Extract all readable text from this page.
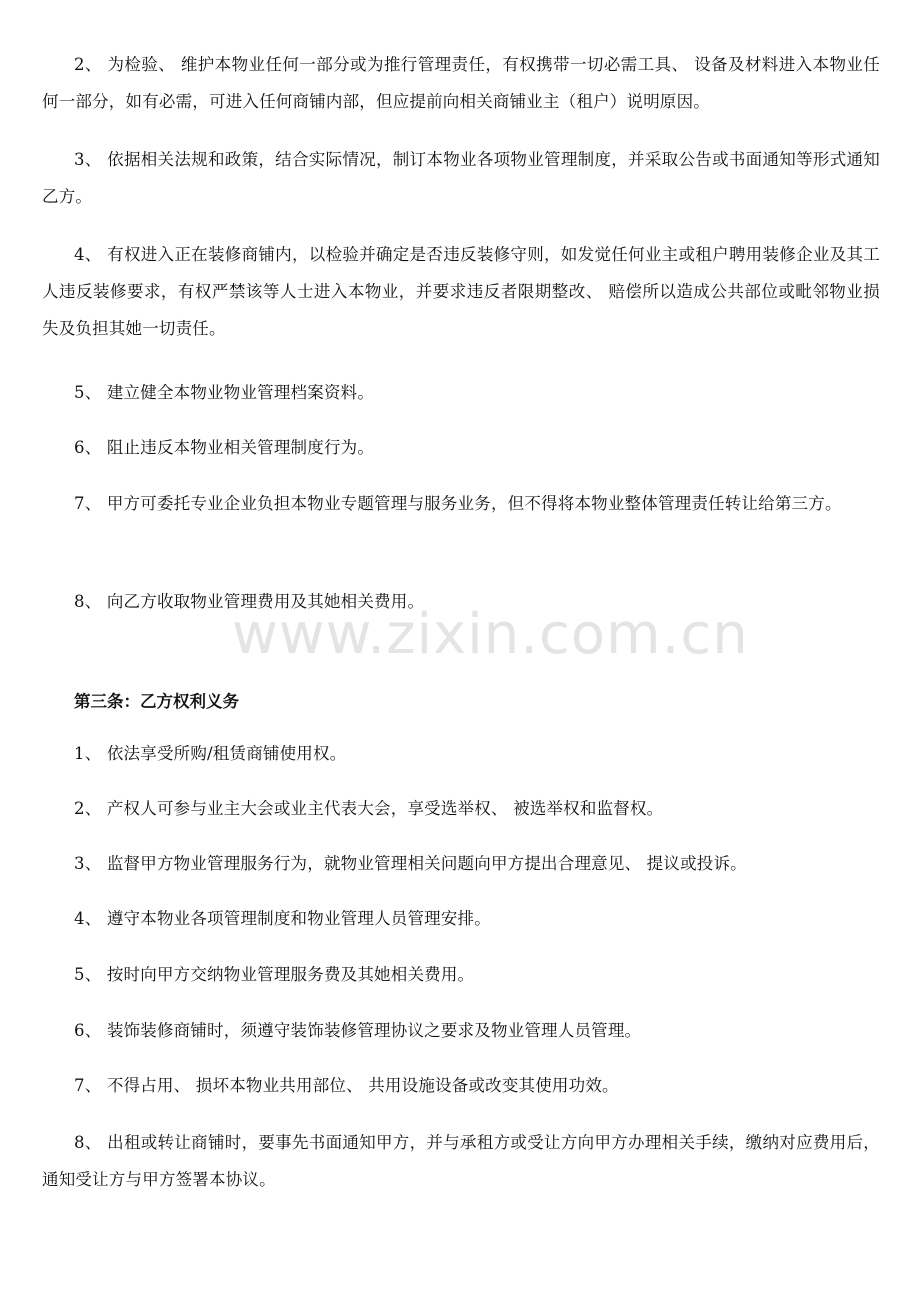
2、 为检验、 维护本物业任何一部分或为推行管理责任，有权携带一切必需工具、 设备及材料进入本物业任何一部分，如有必需，可进入任何商铺内部，但应提前向相关商铺业主（租户）说明原因。

3、 依据相关法规和政策，结合实际情况，制订本物业各项物业管理制度，并采取公告或书面通知等形式通知乙方。

4、 有权进入正在装修商铺内，以检验并确定是否违反装修守则，如发觉任何业主或租户聘用装修企业及其工人违反装修要求，有权严禁该等人士进入本物业，并要求违反者限期整改、 赔偿所以造成公共部位或毗邻物业损失及负担其她一切责任。

5、 建立健全本物业物业管理档案资料。

6、 阻止违反本物业相关管理制度行为。

7、 甲方可委托专业企业负担本物业专题管理与服务业务，但不得将本物业整体管理责任转让给第三方。

8、 向乙方收取物业管理费用及其她相关费用。

www.zixin.com.cn
第三条：乙方权利义务

1、 依法享受所购/租赁商铺使用权。

2、 产权人可参与业主大会或业主代表大会，享受选举权、 被选举权和监督权。

3、 监督甲方物业管理服务行为，就物业管理相关问题向甲方提出合理意见、 提议或投诉。

4、 遵守本物业各项管理制度和物业管理人员管理安排。

5、 按时向甲方交纳物业管理服务费及其她相关费用。

6、 装饰装修商铺时，须遵守装饰装修管理协议之要求及物业管理人员管理。

7、 不得占用、 损坏本物业共用部位、 共用设施设备或改变其使用功效。

8、 出租或转让商铺时，要事先书面通知甲方，并与承租方或受让方向甲方办理相关手续，缴纳对应费用后，通知受让方与甲方签署本协议。
